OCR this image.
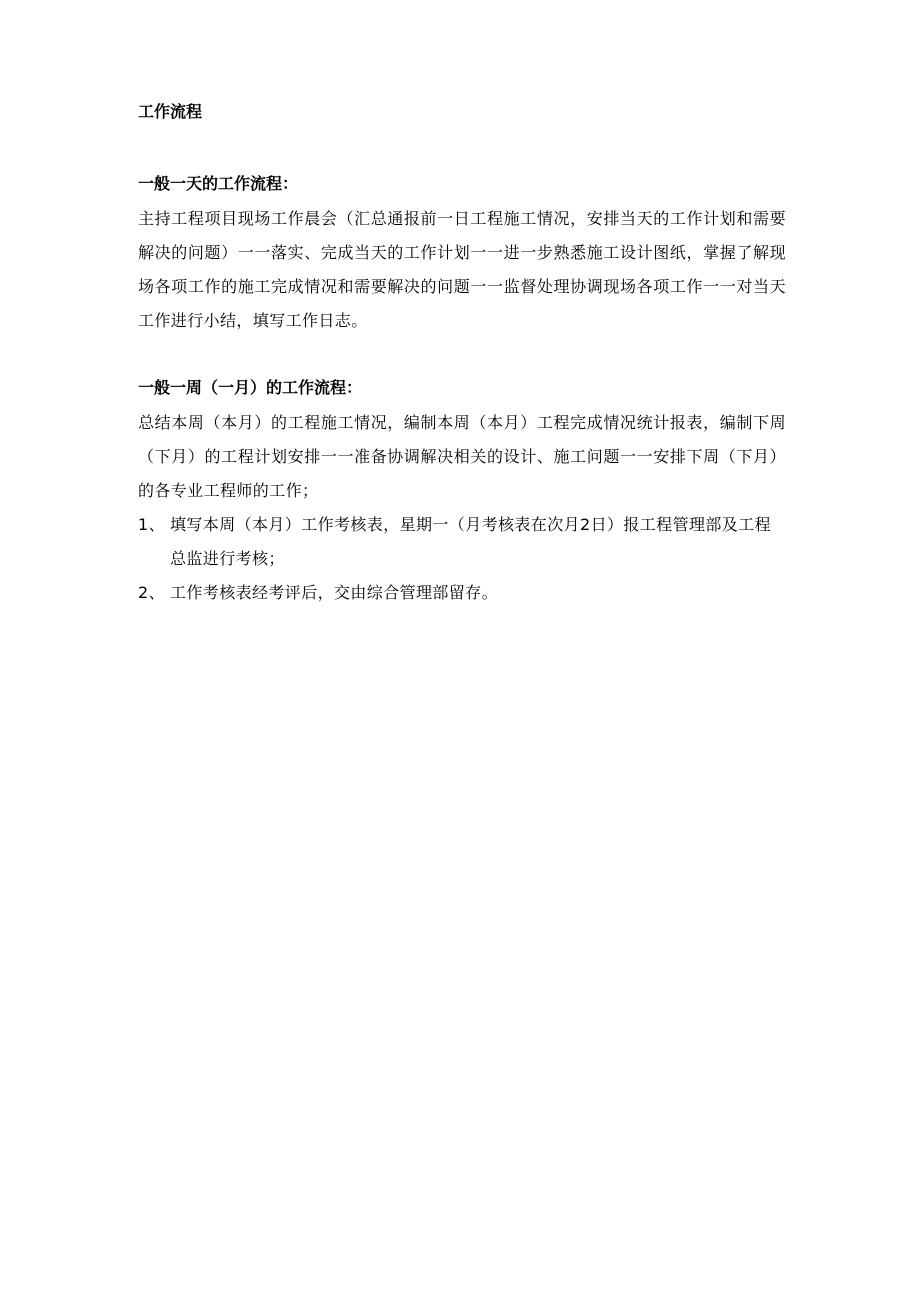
工作流程

一般一天的工作流程：

主持工程项目现场工作晨会（汇总通报前一日工程施工情况，安排当天的工作计划和需要解决的问题）一一落实、完成当天的工作计划一一进一步熟悉施工设计图纸，掌握了解现场各项工作的施工完成情况和需要解决的问题一一监督处理协调现场各项工作一一对当天工作进行小结，填写工作日志。

一般一周（一月）的工作流程：

总结本周（本月）的工程施工情况，编制本周（本月）工程完成情况统计报表，编制下周（下月）的工程计划安排一一准备协调解决相关的设计、施工问题一一安排下周（下月）的各专业工程师的工作；

1、 填写本周（本月）工作考核表，星期一（月考核表在次月2日）报工程管理部及工程总监进行考核；

2、 工作考核表经考评后，交由综合管理部留存。
